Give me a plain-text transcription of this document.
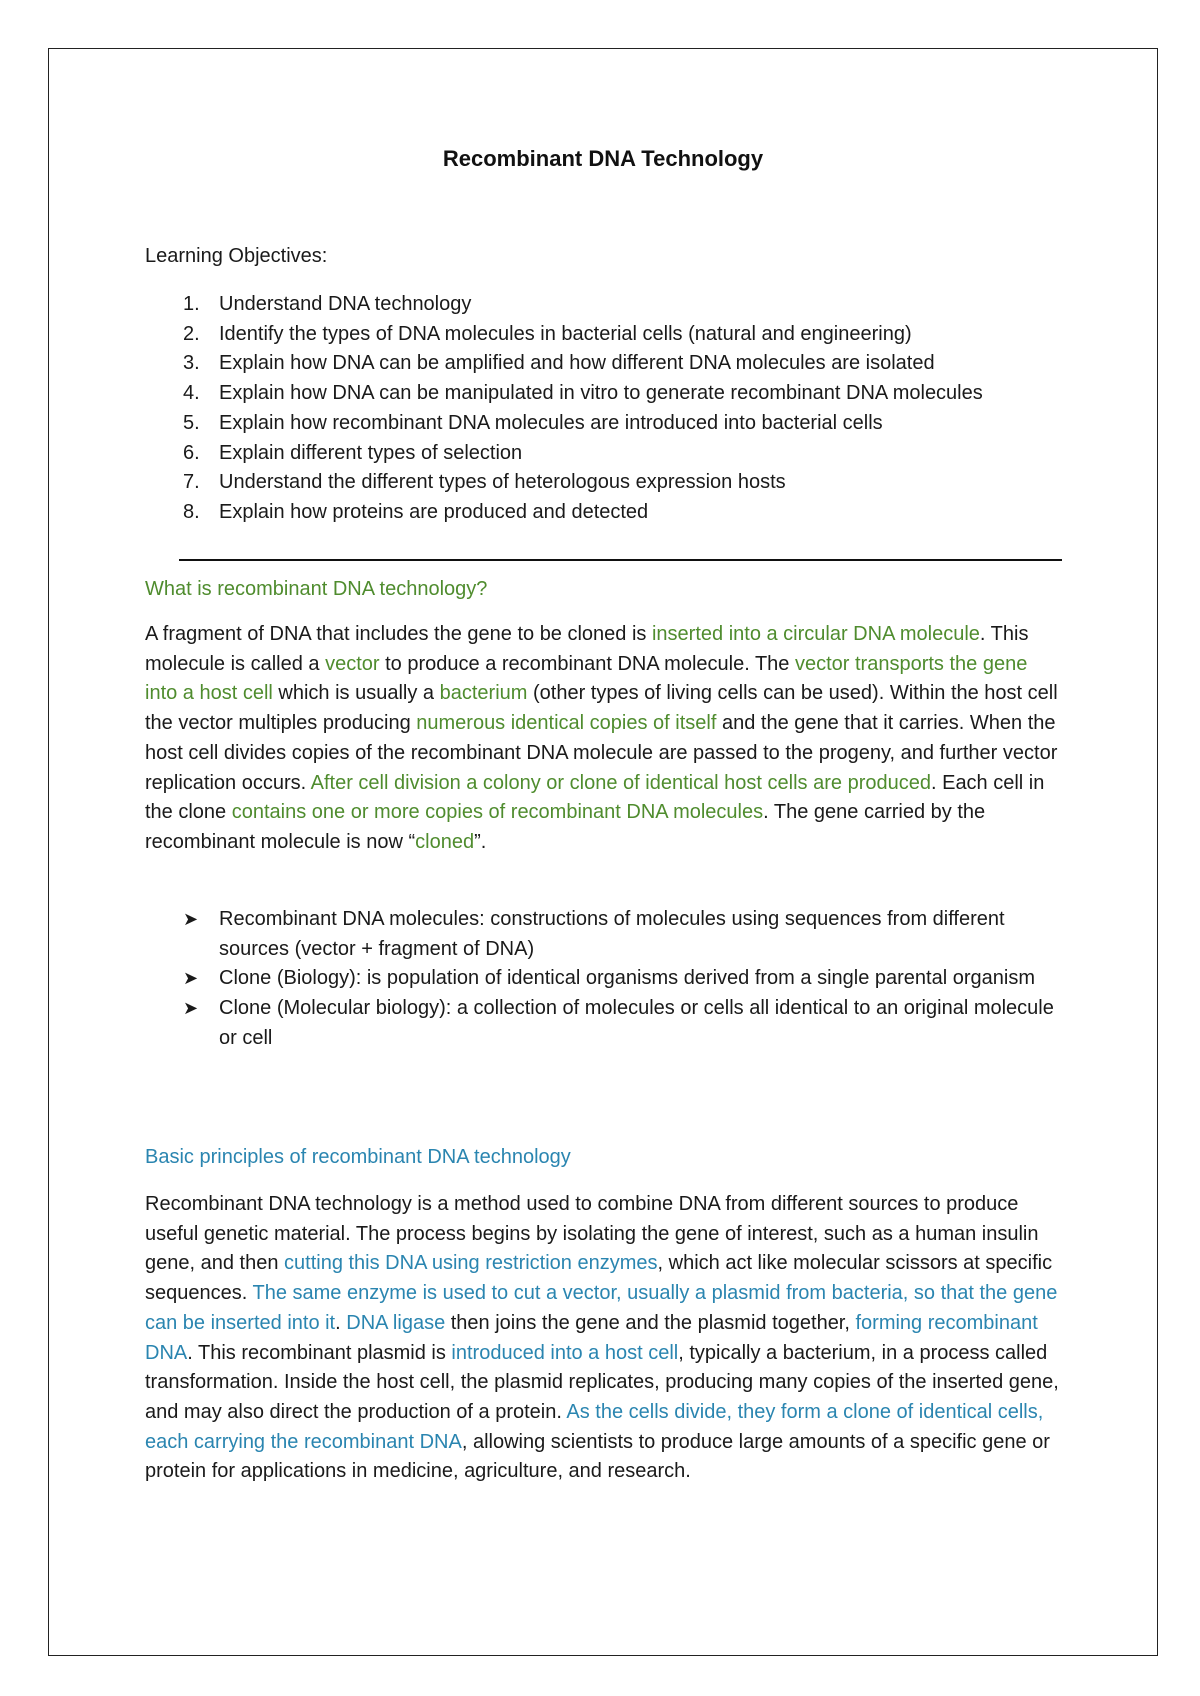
Recombinant DNA Technology

Learning Objectives:

1. Understand DNA technology
2. Identify the types of DNA molecules in bacterial cells (natural and engineering)
3. Explain how DNA can be amplified and how different DNA molecules are isolated
4. Explain how DNA can be manipulated in vitro to generate recombinant DNA molecules
5. Explain how recombinant DNA molecules are introduced into bacterial cells
6. Explain different types of selection
7. Understand the different types of heterologous expression hosts
8. Explain how proteins are produced and detected

What is recombinant DNA technology?

A fragment of DNA that includes the gene to be cloned is inserted into a circular DNA molecule. This molecule is called a vector to produce a recombinant DNA molecule. The vector transports the gene into a host cell which is usually a bacterium (other types of living cells can be used). Within the host cell the vector multiples producing numerous identical copies of itself and the gene that it carries. When the host cell divides copies of the recombinant DNA molecule are passed to the progeny, and further vector replication occurs. After cell division a colony or clone of identical host cells are produced. Each cell in the clone contains one or more copies of recombinant DNA molecules. The gene carried by the recombinant molecule is now “cloned”.

➤ Recombinant DNA molecules: constructions of molecules using sequences from different sources (vector + fragment of DNA)
➤ Clone (Biology): is population of identical organisms derived from a single parental organism
➤ Clone (Molecular biology): a collection of molecules or cells all identical to an original molecule or cell

Basic principles of recombinant DNA technology

Recombinant DNA technology is a method used to combine DNA from different sources to produce useful genetic material. The process begins by isolating the gene of interest, such as a human insulin gene, and then cutting this DNA using restriction enzymes, which act like molecular scissors at specific sequences. The same enzyme is used to cut a vector, usually a plasmid from bacteria, so that the gene can be inserted into it. DNA ligase then joins the gene and the plasmid together, forming recombinant DNA. This recombinant plasmid is introduced into a host cell, typically a bacterium, in a process called transformation. Inside the host cell, the plasmid replicates, producing many copies of the inserted gene, and may also direct the production of a protein. As the cells divide, they form a clone of identical cells, each carrying the recombinant DNA, allowing scientists to produce large amounts of a specific gene or protein for applications in medicine, agriculture, and research.
